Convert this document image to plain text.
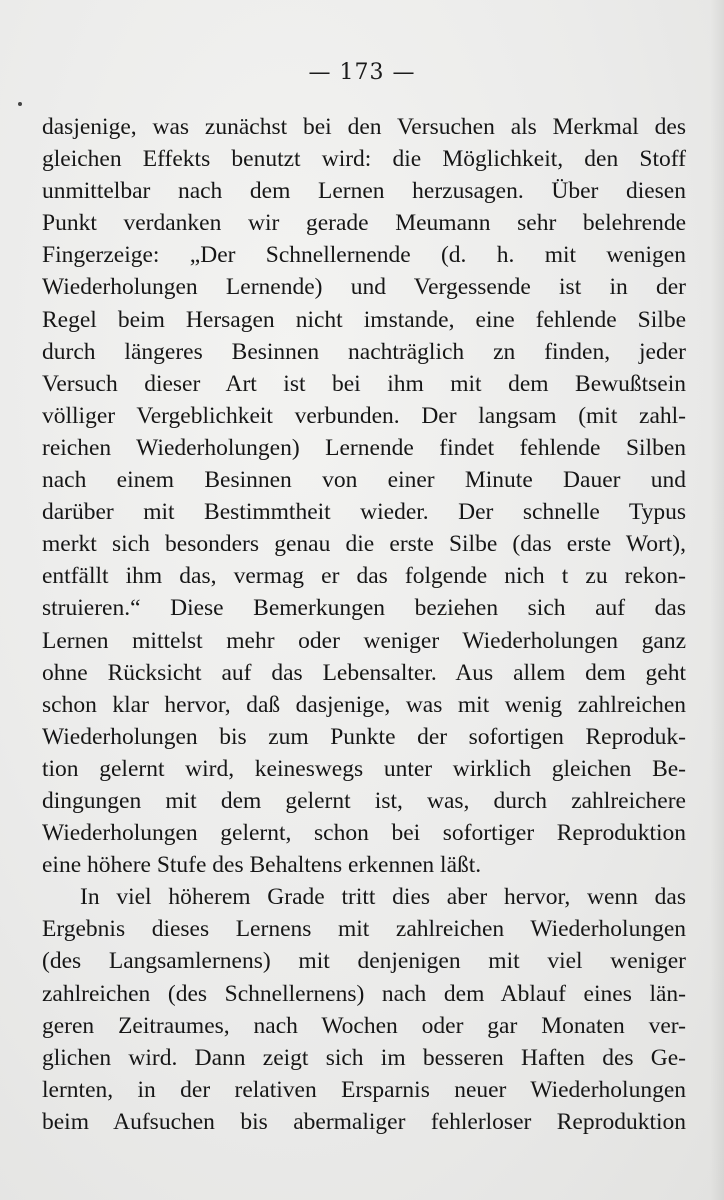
— 173 —
dasjenige, was zunächst bei den Versuchen als Merkmal des
gleichen Effekts benutzt wird: die Möglichkeit, den Stoff
unmittelbar nach dem Lernen herzusagen. Über diesen
Punkt verdanken wir gerade Meumann sehr belehrende
Fingerzeige: „Der Schnellernende (d. h. mit wenigen
Wiederholungen Lernende) und Vergessende ist in der
Regel beim Hersagen nicht imstande, eine fehlende Silbe
durch längeres Besinnen nachträglich zn finden, jeder
Versuch dieser Art ist bei ihm mit dem Bewußtsein
völliger Vergeblichkeit verbunden. Der langsam (mit zahl-
reichen Wiederholungen) Lernende findet fehlende Silben
nach einem Besinnen von einer Minute Dauer und
darüber mit Bestimmtheit wieder. Der schnelle Typus
merkt sich besonders genau die erste Silbe (das erste Wort),
entfällt ihm das, vermag er das folgende nich t zu rekon-
struieren.“ Diese Bemerkungen beziehen sich auf das
Lernen mittelst mehr oder weniger Wiederholungen ganz
ohne Rücksicht auf das Lebensalter. Aus allem dem geht
schon klar hervor, daß dasjenige, was mit wenig zahlreichen
Wiederholungen bis zum Punkte der sofortigen Reproduk-
tion gelernt wird, keineswegs unter wirklich gleichen Be-
dingungen mit dem gelernt ist, was, durch zahlreichere
Wiederholungen gelernt, schon bei sofortiger Reproduktion
eine höhere Stufe des Behaltens erkennen läßt.
In viel höherem Grade tritt dies aber hervor, wenn das
Ergebnis dieses Lernens mit zahlreichen Wiederholungen
(des Langsamlernens) mit denjenigen mit viel weniger
zahlreichen (des Schnellernens) nach dem Ablauf eines län-
geren Zeitraumes, nach Wochen oder gar Monaten ver-
glichen wird. Dann zeigt sich im besseren Haften des Ge-
lernten, in der relativen Ersparnis neuer Wiederholungen
beim Aufsuchen bis abermaliger fehlerloser Reproduktion
